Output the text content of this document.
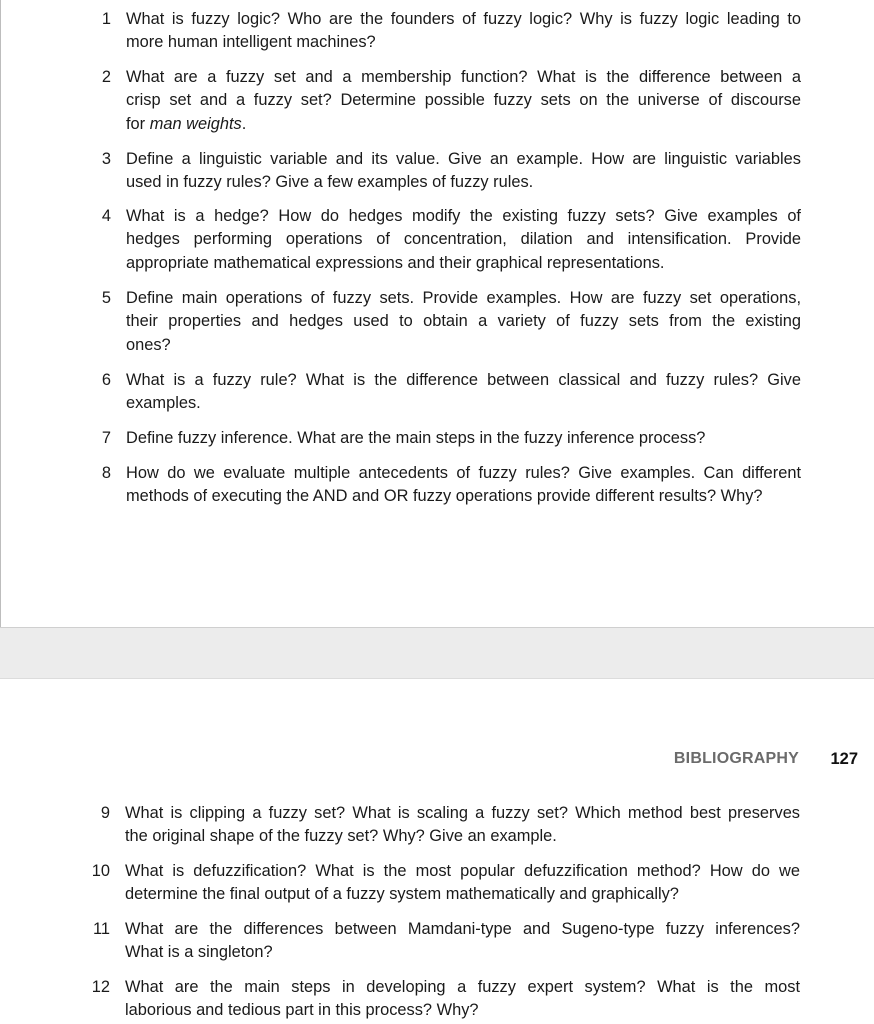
1 What is fuzzy logic? Who are the founders of fuzzy logic? Why is fuzzy logic leading to
more human intelligent machines?
2 What are a fuzzy set and a membership function? What is the difference between a
crisp set and a fuzzy set? Determine possible fuzzy sets on the universe of discourse
for man weights.
3 Define a linguistic variable and its value. Give an example. How are linguistic variables
used in fuzzy rules? Give a few examples of fuzzy rules.
4 What is a hedge? How do hedges modify the existing fuzzy sets? Give examples of
hedges performing operations of concentration, dilation and intensification. Provide
appropriate mathematical expressions and their graphical representations.
5 Define main operations of fuzzy sets. Provide examples. How are fuzzy set operations,
their properties and hedges used to obtain a variety of fuzzy sets from the existing
ones?
6 What is a fuzzy rule? What is the difference between classical and fuzzy rules? Give
examples.
7 Define fuzzy inference. What are the main steps in the fuzzy inference process?
8 How do we evaluate multiple antecedents of fuzzy rules? Give examples. Can different
methods of executing the AND and OR fuzzy operations provide different results? Why?
BIBLIOGRAPHY 127
9 What is clipping a fuzzy set? What is scaling a fuzzy set? Which method best preserves
the original shape of the fuzzy set? Why? Give an example.
10 What is defuzzification? What is the most popular defuzzification method? How do we
determine the final output of a fuzzy system mathematically and graphically?
11 What are the differences between Mamdani-type and Sugeno-type fuzzy inferences?
What is a singleton?
12 What are the main steps in developing a fuzzy expert system? What is the most
laborious and tedious part in this process? Why?
